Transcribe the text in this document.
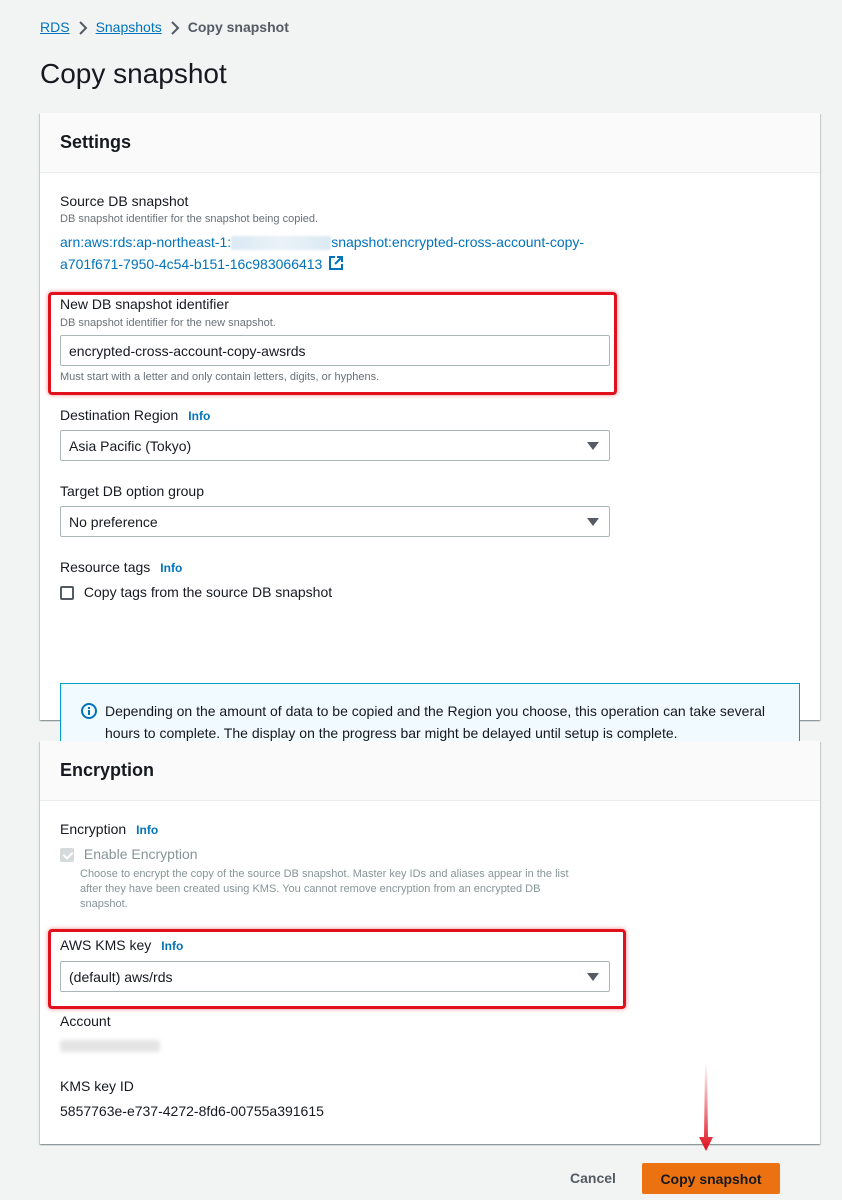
RDS Snapshots Copy snapshot
Copy snapshot
Settings
Source DB snapshot
DB snapshot identifier for the snapshot being copied.
arn:aws:rds:ap-northeast-1:	snapshot:encrypted-cross-account-copy-
a701f671-7950-4c54-b151-16c983066413
New DB snapshot identifier
DB snapshot identifier for the new snapshot.
encrypted-cross-account-copy-awsrds
Must start with a letter and only contain letters, digits, or hyphens.
Destination Region Info
Asia Pacific (Tokyo)
Target DB option group
No preference
Resource tags Info
Copy tags from the source DB snapshot
Depending on the amount of data to be copied and the Region you choose, this operation can take several
hours to complete. The display on the progress bar might be delayed until setup is complete.
Encryption
Encryption Info
Enable Encryption
Choose to encrypt the copy of the source DB snapshot. Master key IDs and aliases appear in the list
after they have been created using KMS. You cannot remove encryption from an encrypted DB
snapshot.
AWS KMS key Info
(default) aws/rds
Account
KMS key ID
5857763e-e737-4272-8fd6-00755a391615
Cancel	Copy snapshot
